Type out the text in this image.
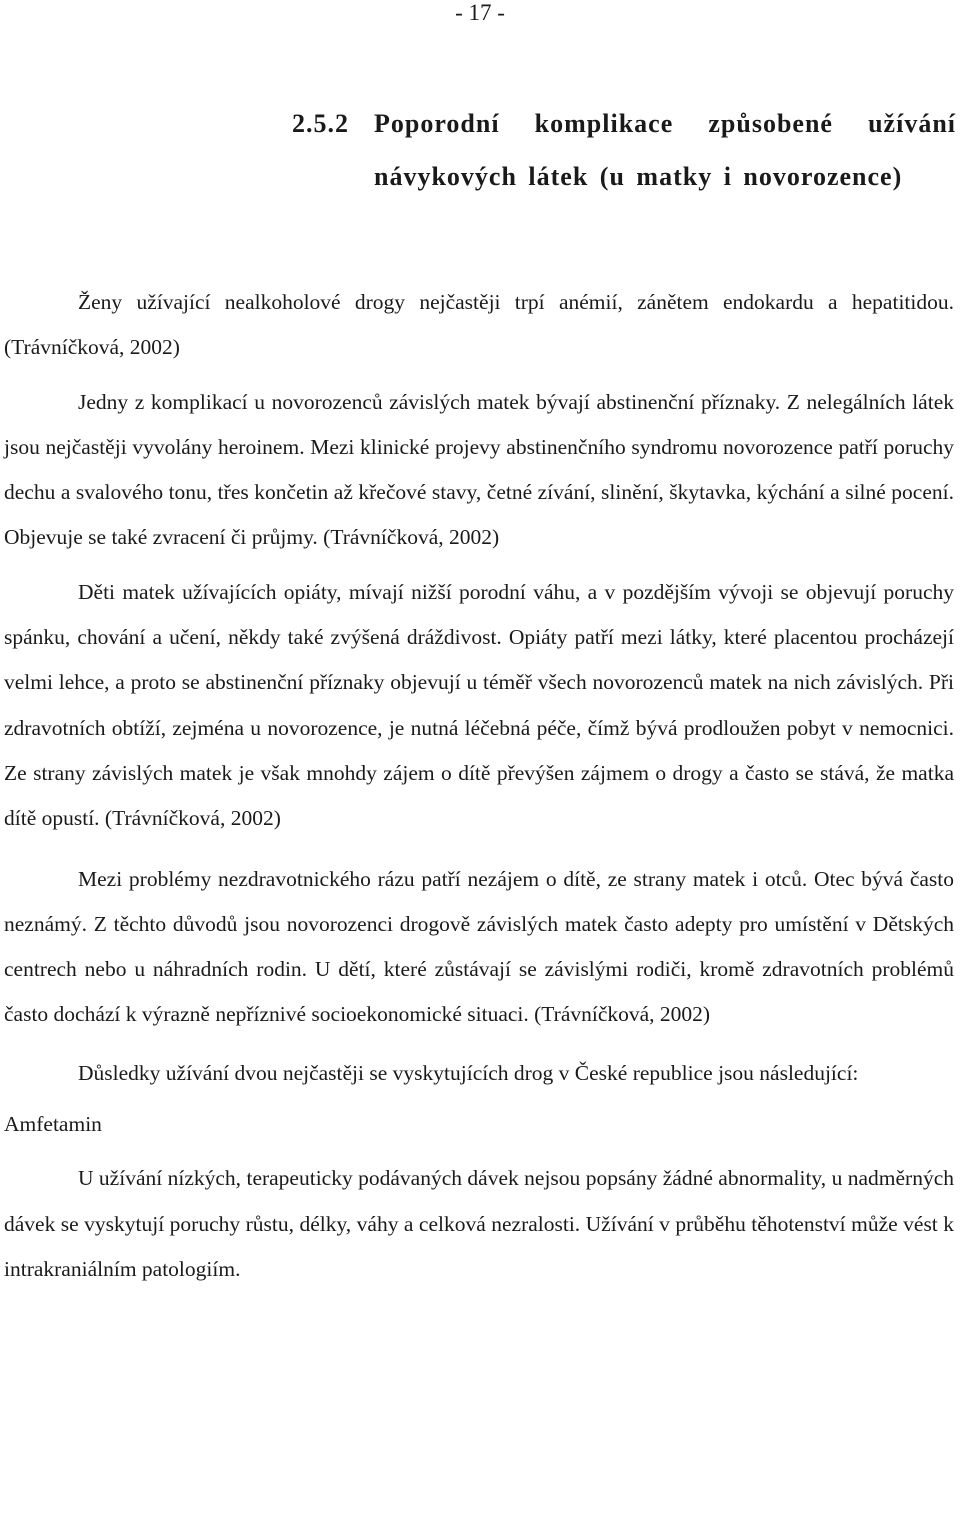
- 17 -
2.5.2 Poporodní komplikace způsobené užívání návykových látek (u matky i novorozence)

Ženy užívající nealkoholové drogy nejčastěji trpí anémií, zánětem endokardu a hepatitidou. (Trávníčková, 2002)

Jedny z komplikací u novorozenců závislých matek bývají abstinenční příznaky. Z nelegálních látek jsou nejčastěji vyvolány heroinem. Mezi klinické projevy abstinenčního syndromu novorozence patří poruchy dechu a svalového tonu, třes končetin až křečové stavy, četné zívání, slinění, škytavka, kýchání a silné pocení. Objevuje se také zvracení či průjmy. (Trávníčková, 2002)

Děti matek užívajících opiáty, mívají nižší porodní váhu, a v pozdějším vývoji se objevují poruchy spánku, chování a učení, někdy také zvýšená dráždivost. Opiáty patří mezi látky, které placentou procházejí velmi lehce, a proto se abstinenční příznaky objevují u téměř všech novorozenců matek na nich závislých. Při zdravotních obtíží, zejména u novorozence, je nutná léčebná péče, čímž bývá prodloužen pobyt v nemocnici. Ze strany závislých matek je však mnohdy zájem o dítě převýšen zájmem o drogy a často se stává, že matka dítě opustí. (Trávníčková, 2002)

Mezi problémy nezdravotnického rázu patří nezájem o dítě, ze strany matek i otců. Otec bývá často neznámý. Z těchto důvodů jsou novorozenci drogově závislých matek často adepty pro umístění v Dětských centrech nebo u náhradních rodin. U dětí, které zůstávají se závislými rodiči, kromě zdravotních problémů často dochází k výrazně nepříznivé socioekonomické situaci. (Trávníčková, 2002)

Důsledky užívání dvou nejčastěji se vyskytujících drog v České republice jsou následující:

Amfetamin

U užívání nízkých, terapeuticky podávaných dávek nejsou popsány žádné abnormality, u nadměrných dávek se vyskytují poruchy růstu, délky, váhy a celková nezralosti. Užívání v průběhu těhotenství může vést k intrakraniálním patologiím.
